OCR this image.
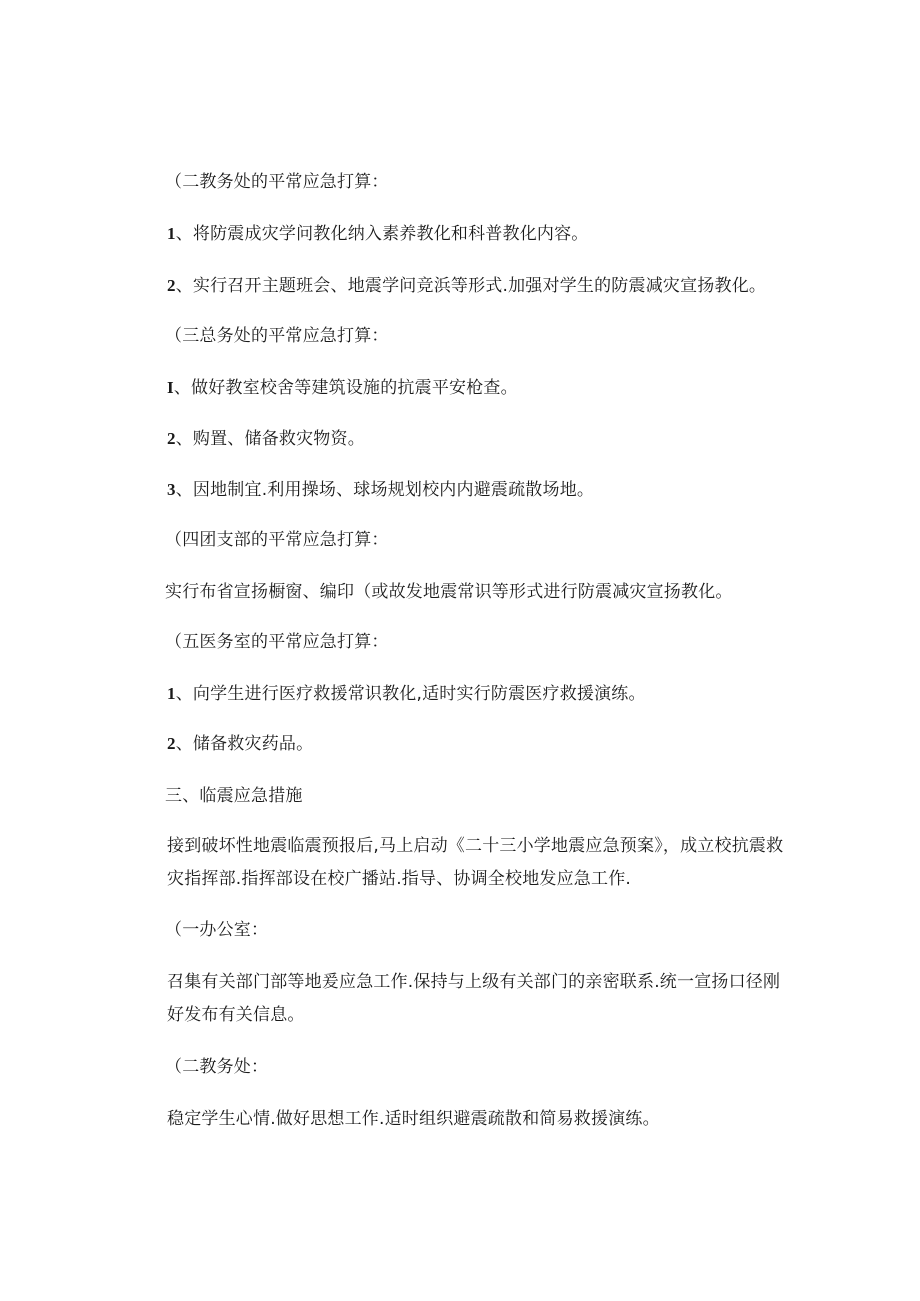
（二教务处的平常应急打算：
1、将防震成灾学问教化纳入素养教化和科普教化内容。
2、实行召开主题班会、地震学问竞浜等形式.加强对学生的防震减灾宣扬教化。
（三总务处的平常应急打算：
I、做好教室校舍等建筑设施的抗震平安枪查。
2、购置、储备救灾物资。
3、因地制宜.利用操场、球场规划校内内避震疏散场地。
（四团支部的平常应急打算：
实行布省宣扬橱窗、编印（或故发地震常识等形式进行防震减灾宣扬教化。
（五医务室的平常应急打算：
1、向学生进行医疗救援常识教化,适时实行防震医疗救援演练。
2、储备救灾药品。
三、临震应急措施
接到破坏性地震临震预报后,马上启动《二十三小学地震应急预案》，成立校抗震救
灾指挥部.指挥部设在校广播站.指导、协调全校地发应急工作.
（一办公室：
召集有关部门部等地爰应急工作.保持与上级有关部门的亲密联系.统一宣扬口径刚
好发布有关信息。
（二教务处：
稳定学生心情.做好思想工作.适时组织避震疏散和简易救援演练。
